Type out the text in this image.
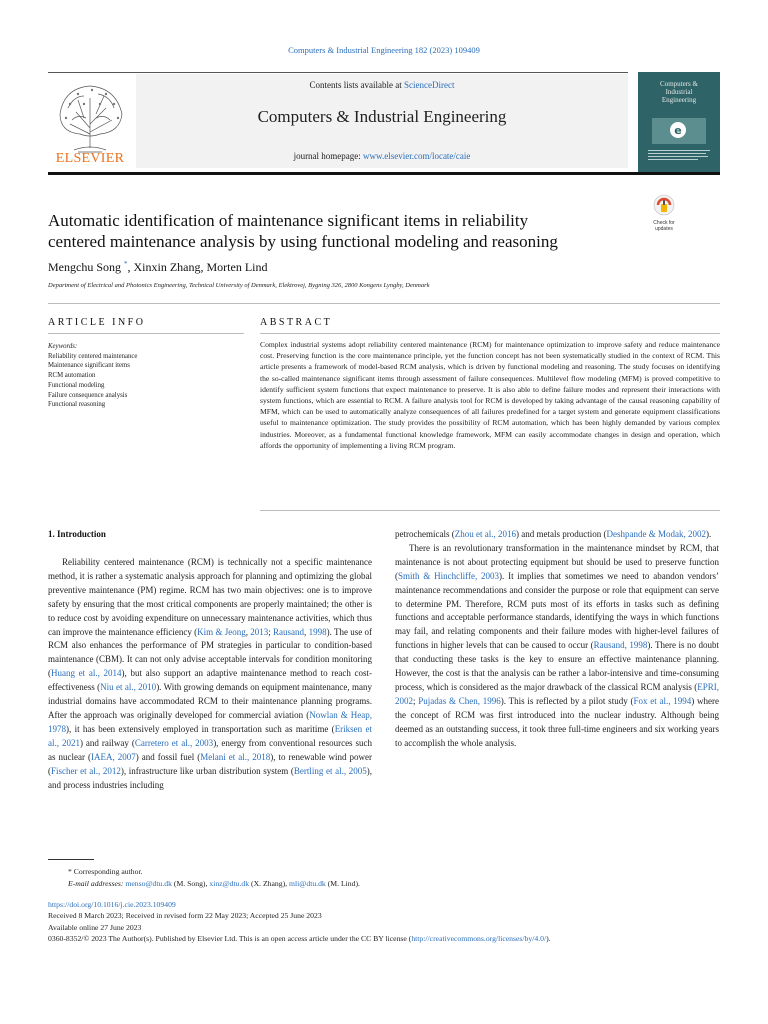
Computers & Industrial Engineering 182 (2023) 109409
ELSEVIER
Contents lists available at ScienceDirect
Computers & Industrial Engineering
journal homepage: www.elsevier.com/locate/caie
Computers &
Industrial
Engineering
e
Check for
updates
Automatic identification of maintenance significant items in reliability
centered maintenance analysis by using functional modeling and reasoning
Mengchu Song *, Xinxin Zhang, Morten Lind
Department of Electrical and Photonics Engineering, Technical University of Denmark, Elektrovej, Bygning 326, 2800 Kongens Lyngby, Denmark
ARTICLE INFO	ABSTRACT
Keywords:
Reliability centered maintenance
Maintenance significant items
RCM automation
Functional modeling
Failure consequence analysis
Functional reasoning
Complex industrial systems adopt reliability centered maintenance (RCM) for maintenance optimization to improve safety and reduce maintenance cost. Preserving function is the core maintenance principle, yet the function concept has not been systematically studied in the context of RCM. This article presents a framework of model-based RCM analysis, which is driven by functional modeling and reasoning. The study focuses on identifying the so-called maintenance significant items through assessment of failure consequences. Multilevel flow modeling (MFM) is proved competitive to identify sufficient system functions that expect maintenance to preserve. It is also able to define failure modes and represent their interactions with system functions, which are essential to RCM. A failure analysis tool for RCM is developed by taking advantage of the causal reasoning capability of MFM, which can be used to automatically analyze consequences of all failures predefined for a target system and generate equipment classifications useful to maintenance optimization. The study provides the possibility of RCM automation, which has been highly demanded by various complex industries. Moreover, as a fundamental functional knowledge framework, MFM can easily accommodate changes in design and operation, which affords the opportunity of implementing a living RCM program.
1. Introduction

Reliability centered maintenance (RCM) is technically not a specific maintenance method, it is rather a systematic analysis approach for planning and optimizing the global preventive maintenance (PM) regime. RCM has two main objectives: one is to improve safety by ensuring that the most critical components are properly maintained; the other is to reduce cost by avoiding expenditure on unnecessary maintenance activities, which thus can improve the maintenance efficiency (Kim & Jeong, 2013; Rausand, 1998). The use of RCM also enhances the performance of PM strategies in particular to condition-based maintenance (CBM). It can not only advise acceptable intervals for condition monitoring (Huang et al., 2014), but also support an adaptive maintenance method to reach cost-effectiveness (Niu et al., 2010). With growing demands on equipment maintenance, many industrial domains have accommodated RCM to their maintenance planning programs. After the approach was originally developed for commercial aviation (Nowlan & Heap, 1978), it has been extensively employed in transportation such as maritime (Eriksen et al., 2021) and railway (Carretero et al., 2003), energy from conventional resources such as nuclear (IAEA, 2007) and fossil fuel (Melani et al., 2018), to renewable wind power (Fischer et al., 2012), infrastructure like urban distribution system (Bertling et al., 2005), and process industries including

petrochemicals (Zhou et al., 2016) and metals production (Deshpande & Modak, 2002).

There is an revolutionary transformation in the maintenance mindset by RCM, that maintenance is not about protecting equipment but should be used to preserve function (Smith & Hinchcliffe, 2003). It implies that sometimes we need to abandon vendors’ maintenance recommendations and consider the purpose or role that equipment can serve to determine PM. Therefore, RCM puts most of its efforts in tasks such as defining functions and acceptable performance standards, identifying the ways in which functions may fail, and relating components and their failure modes with higher-level failures of functions in higher levels that can be caused to occur (Rausand, 1998). There is no doubt that conducting these tasks is the key to ensure an effective maintenance planning. However, the cost is that the analysis can be rather a labor-intensive and time-consuming process, which is considered as the major drawback of the classical RCM analysis (EPRI, 2002; Pujadas & Chen, 1996). This is reflected by a pilot study (Fox et al., 1994) where the concept of RCM was first introduced into the nuclear industry. Although being deemed as an outstanding success, it took three full-time engineers and six working years to accomplish the whole analysis.

* Corresponding author.
E-mail addresses: menso@dtu.dk (M. Song), xinz@dtu.dk (X. Zhang), mli@dtu.dk (M. Lind).
https://doi.org/10.1016/j.cie.2023.109409
Received 8 March 2023; Received in revised form 22 May 2023; Accepted 25 June 2023
Available online 27 June 2023
0360-8352/© 2023 The Author(s). Published by Elsevier Ltd. This is an open access article under the CC BY license (http://creativecommons.org/licenses/by/4.0/).
